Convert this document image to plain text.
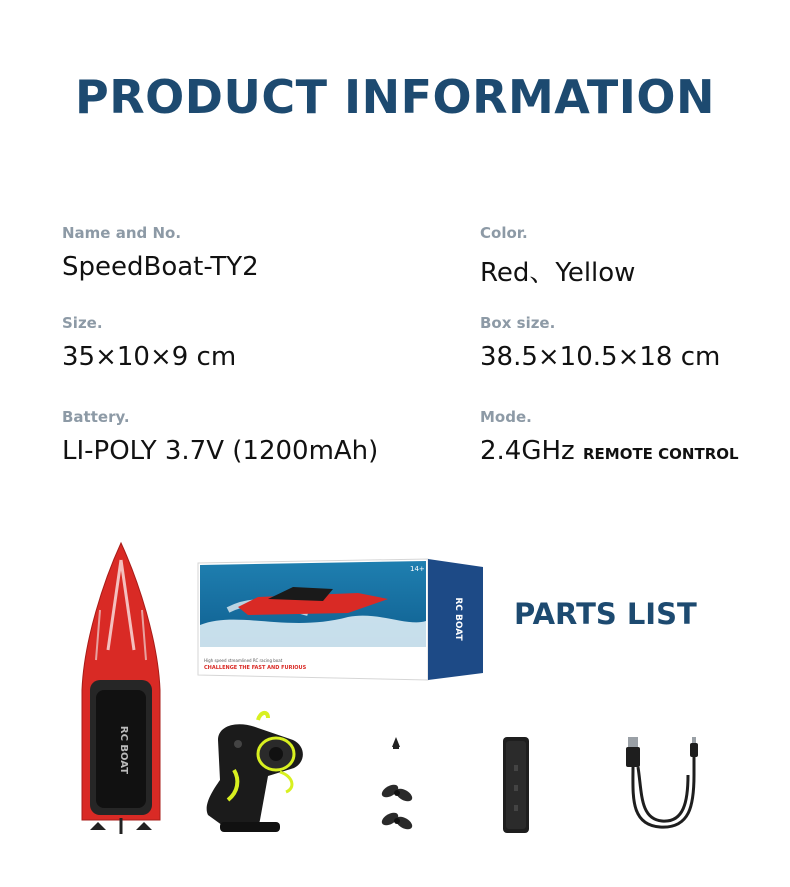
PRODUCT INFORMATION
Name and No.
SpeedBoat-TY2
Color.
Red、Yellow
Size.
35×10×9 cm
Box size.
38.5×10.5×18 cm
Battery.
LI-POLY 3.7V (1200mAh)
Mode.
2.4GHz REMOTE CONTROL
RC BOAT
14+
High speed streamlined RC racing boat
CHALLENGE THE FAST AND FURIOUS
RC BOAT PARTS LIST
